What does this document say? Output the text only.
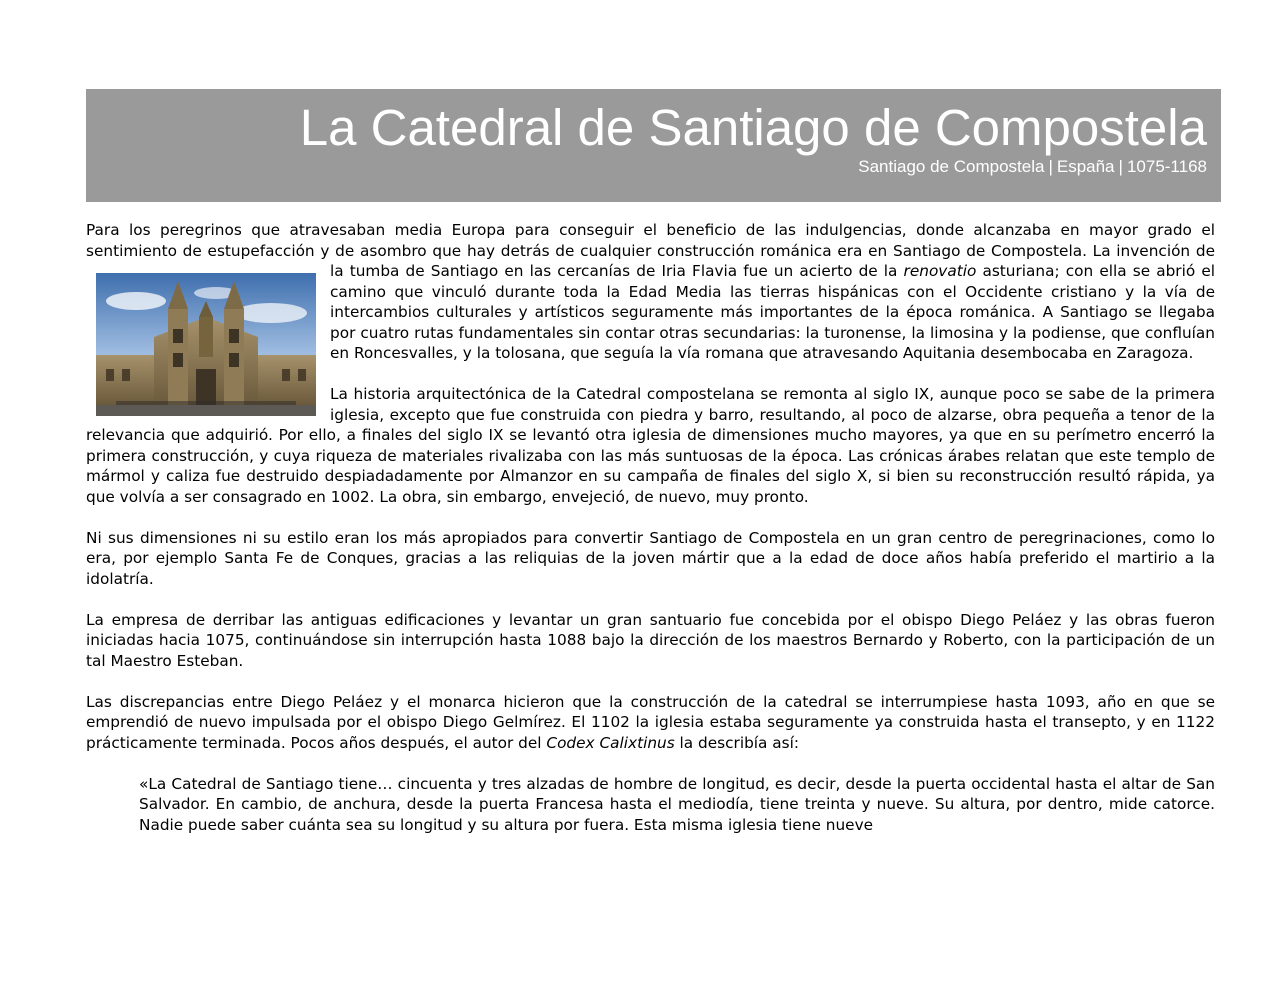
La Catedral de Santiago de Compostela
Santiago de Compostela | España | 1075-1168

Para los peregrinos que atravesaban media Europa para conseguir el beneficio de las indulgencias, donde alcanzaba en mayor grado el sentimiento de estupefacción y de asombro que hay detrás de cualquier construcción románica era en Santiago de Compostela. La invención de la tumba de Santiago en las cercanías de Iria Flavia fue un acierto de la renovatio
asturiana; con ella se abrió el camino que vinculó durante toda la Edad Media las tierras hispánicas con el Occidente cristiano y la vía de intercambios culturales y artísticos seguramente más importantes de la época románica. A Santiago se llegaba por cuatro rutas fundamentales sin contar otras secundarias: la turonense, la limosina y la podiense, que confluían en Roncesvalles, y la tolosana, que seguía la vía romana que atravesando Aquitania desembocaba en Zaragoza.

La historia arquitectónica de la Catedral compostelana se remonta al siglo IX, aunque poco se sabe de la primera iglesia, excepto que fue construida con piedra y barro, resultando, al poco de alzarse, obra pequeña a tenor de la relevancia que adquirió. Por ello, a finales del siglo IX se levantó otra iglesia de dimensiones mucho mayores, ya que en su perímetro encerró la primera construcción, y cuya riqueza de materiales rivalizaba con las más suntuosas de la época. Las crónicas árabes relatan que este templo de mármol y caliza fue destruido despiadadamente por Almanzor en su campaña de finales del siglo X, si bien su reconstrucción resultó rápida, ya que volvía a ser consagrado en 1002. La obra, sin embargo, envejeció, de nuevo, muy pronto.

Ni sus dimensiones ni su estilo eran los más apropiados para convertir Santiago de Compostela en un gran centro de peregrinaciones, como lo era, por ejemplo Santa Fe de Conques, gracias a las reliquias de la joven mártir que a la edad de doce años había preferido el martirio a la idolatría.

La empresa de derribar las antiguas edificaciones y levantar un gran santuario fue concebida por el obispo Diego Peláez y las obras fueron iniciadas hacia 1075, continuándose sin interrupción hasta 1088 bajo la dirección de los maestros Bernardo y Roberto, con la participación de un tal Maestro Esteban.

Las discrepancias entre Diego Peláez y el monarca hicieron que la construcción de la catedral se interrumpiese hasta 1093, año en que se emprendió de nuevo impulsada por el obispo Diego Gelmírez. El 1102 la iglesia estaba seguramente ya construida hasta el transepto, y en 1122 prácticamente terminada. Pocos años después, el autor del Codex Calixtinus la describía así:

«La Catedral de Santiago tiene… cincuenta y tres alzadas de hombre de longitud, es decir, desde la puerta occidental hasta el altar de San Salvador. En cambio, de anchura, desde la puerta Francesa hasta el mediodía, tiene treinta y nueve. Su altura, por dentro, mide catorce. Nadie puede saber cuánta sea su longitud y su altura por fuera. Esta misma iglesia tiene nueve
